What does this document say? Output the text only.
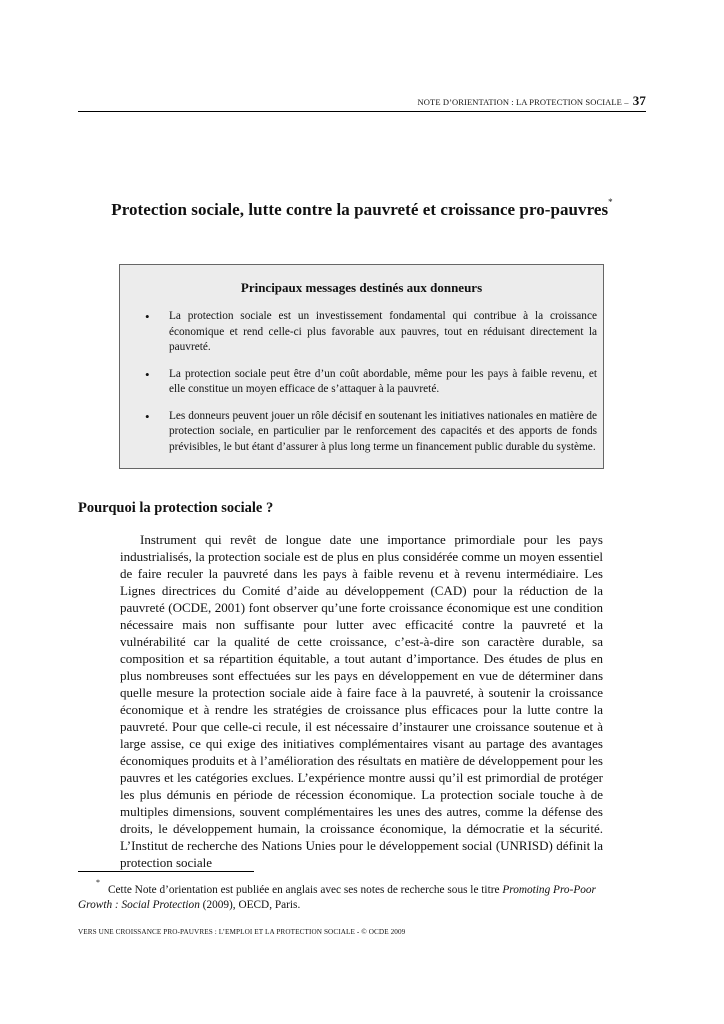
NOTE D’ORIENTATION : LA PROTECTION SOCIALE – 37
Protection sociale, lutte contre la pauvreté et croissance pro-pauvres*
Principaux messages destinés aux donneurs
• La protection sociale est un investissement fondamental qui contribue à la croissance économique et rend celle-ci plus favorable aux pauvres, tout en réduisant directement la pauvreté.
• La protection sociale peut être d’un coût abordable, même pour les pays à faible revenu, et elle constitue un moyen efficace de s’attaquer à la pauvreté.
• Les donneurs peuvent jouer un rôle décisif en soutenant les initiatives nationales en matière de protection sociale, en particulier par le renforcement des capacités et des apports de fonds prévisibles, le but étant d’assurer à plus long terme un financement public durable du système.
Pourquoi la protection sociale ?

Instrument qui revêt de longue date une importance primordiale pour les pays industrialisés, la protection sociale est de plus en plus considérée comme un moyen essentiel de faire reculer la pauvreté dans les pays à faible revenu et à revenu intermédiaire. Les Lignes directrices du Comité d’aide au développement (CAD) pour la réduction de la pauvreté (OCDE, 2001) font observer qu’une forte croissance économique est une condition nécessaire mais non suffisante pour lutter avec efficacité contre la pauvreté et la vulnérabilité car la qualité de cette croissance, c’est-à-dire son caractère durable, sa composition et sa répartition équitable, a tout autant d’importance. Des études de plus en plus nombreuses sont effectuées sur les pays en développement en vue de déterminer dans quelle mesure la protection sociale aide à faire face à la pauvreté, à soutenir la croissance économique et à rendre les stratégies de croissance plus efficaces pour la lutte contre la pauvreté. Pour que celle-ci recule, il est nécessaire d’instaurer une croissance soutenue et à large assise, ce qui exige des initiatives complémentaires visant au partage des avantages économiques produits et à l’amélioration des résultats en matière de développement pour les pauvres et les catégories exclues. L’expérience montre aussi qu’il est primordial de protéger les plus démunis en période de récession économique. La protection sociale touche à de multiples dimensions, souvent complémentaires les unes des autres, comme la défense des droits, le développement humain, la croissance économique, la démocratie et la sécurité. L’Institut de recherche des Nations Unies pour le développement social (UNRISD) définit la protection sociale

*Cette Note d’orientation est publiée en anglais avec ses notes de recherche sous le titre Promoting Pro-Poor Growth : Social Protection (2009), OECD, Paris.

VERS UNE CROISSANCE PRO-PAUVRES : L’EMPLOI ET LA PROTECTION SOCIALE - © OCDE 2009
